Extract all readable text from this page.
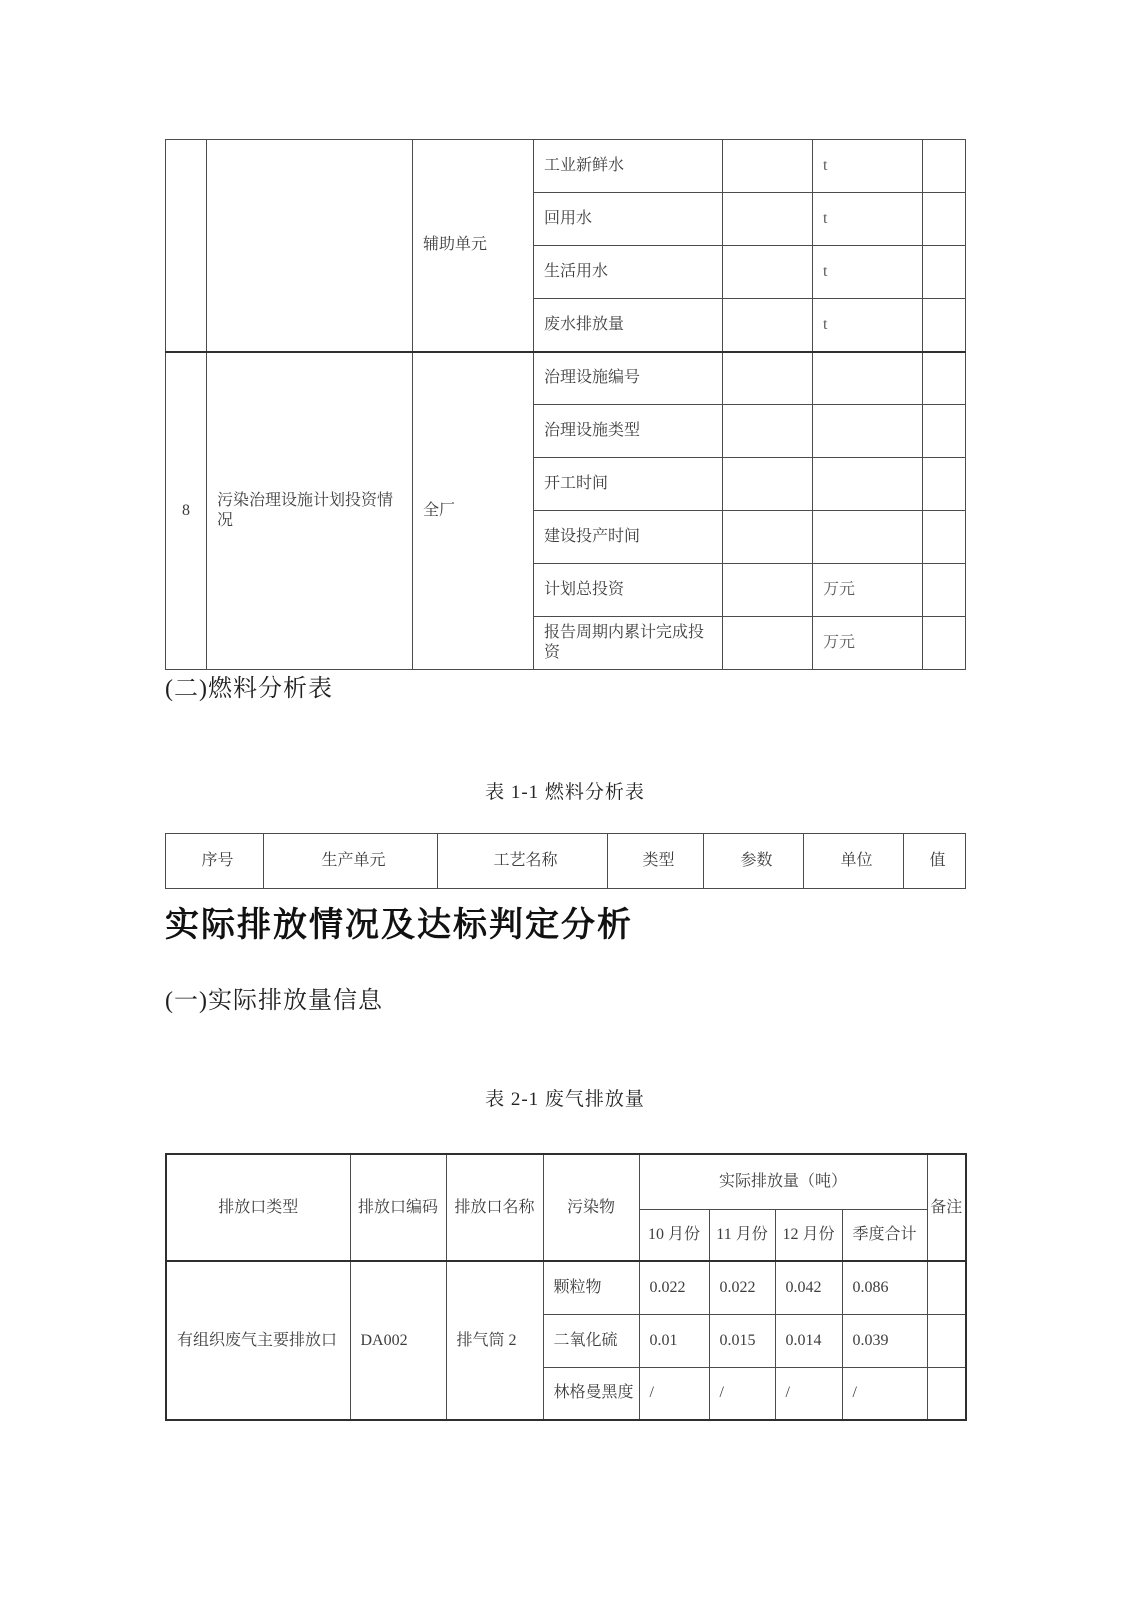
		辅助单元	工业新鲜水		t	
			回用水		t	
			生活用水		t	
			废水排放量		t	
8	污染治理设施计划投资情况	全厂	治理设施编号			
			治理设施类型			
			开工时间			
			建设投产时间			
			计划总投资		万元	
			报告周期内累计完成投资		万元	
(二)燃料分析表
表 1-1 燃料分析表
序号	生产单元	工艺名称	类型	参数	单位	值
实际排放情况及达标判定分析
(一)实际排放量信息
表 2-1 废气排放量
排放口类型	排放口编码	排放口名称	污染物	实际排放量（吨）				备注
				10 月份	11 月份	12 月份	季度合计	
有组织废气主要排放口	DA002	排气筒 2	颗粒物	0.022	0.022	0.042	0.086	
			二氧化硫	0.01	0.015	0.014	0.039	
			林格曼黑度	/	/	/	/	
